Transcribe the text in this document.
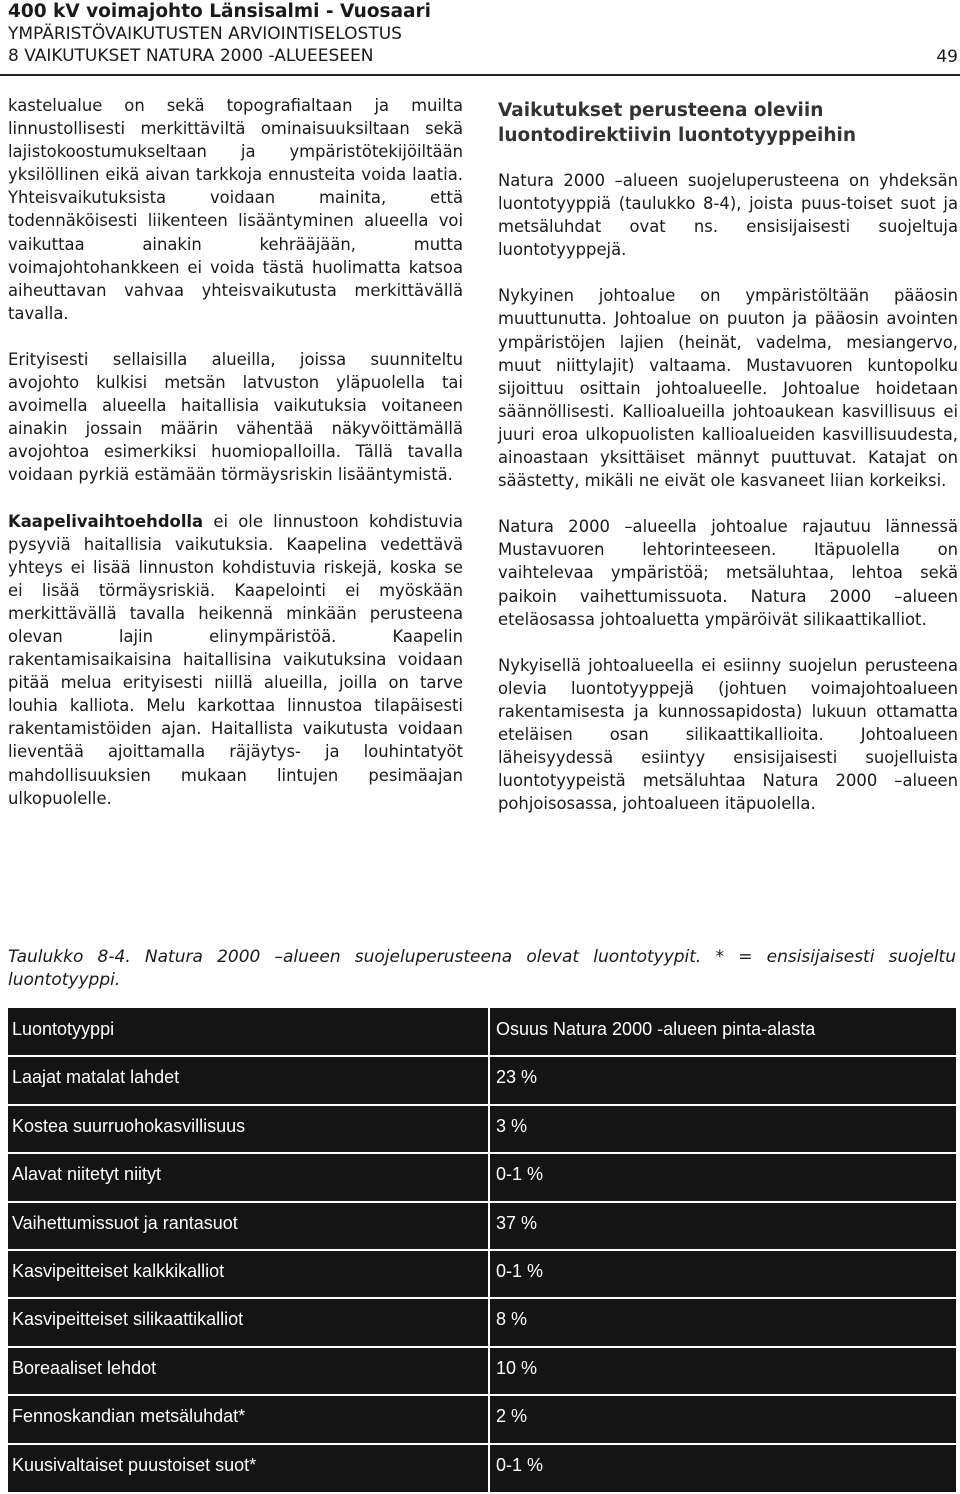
400 kV voimajohto Länsisalmi - Vuosaari
YMPÄRISTÖVAIKUTUSTEN ARVIOINTISELOSTUS
8 VAIKUTUKSET NATURA 2000 -ALUEESEEN	49

kastelualue on sekä topografialtaan ja muilta linnustollisesti merkittäviltä ominaisuuksiltaan sekä lajistokoostumukseltaan ja ympäristötekijöiltään yksilöllinen eikä aivan tarkkoja ennusteita voida laatia. Yhteisvaikutuksista voidaan mainita, että todennäköisesti liikenteen lisääntyminen alueella voi vaikuttaa ainakin kehrääjään, mutta voimajohtohankkeen ei voida tästä huolimatta katsoa aiheuttavan vahvaa yhteisvaikutusta merkittävällä tavalla.

Erityisesti sellaisilla alueilla, joissa suunniteltu avojohto kulkisi metsän latvuston yläpuolella tai avoimella alueella haitallisia vaikutuksia voitaneen ainakin jossain määrin vähentää näkyvöittämällä avojohtoa esimerkiksi huomiopalloilla. Tällä tavalla voidaan pyrkiä estämään törmäysriskin lisääntymistä.

Kaapelivaihtoehdolla ei ole linnustoon kohdistuvia pysyviä haitallisia vaikutuksia. Kaapelina vedettävä yhteys ei lisää linnuston kohdistuvia riskejä, koska se ei lisää törmäysriskiä. Kaapelointi ei myöskään merkittävällä tavalla heikennä minkään perusteena olevan lajin elinympäristöä. Kaapelin rakentamisaikaisina haitallisina vaikutuksina voidaan pitää melua erityisesti niillä alueilla, joilla on tarve louhia kalliota. Melu karkottaa linnustoa tilapäisesti rakentamistöiden ajan. Haitallista vaikutusta voidaan lieventää ajoittamalla räjäytys- ja louhintatyöt mahdollisuuksien mukaan lintujen pesimäajan ulkopuolelle.

Vaikutukset perusteena oleviin luontodirektiivin luontotyyppeihin

Natura 2000 –alueen suojeluperusteena on yhdeksän luontotyyppiä (taulukko 8-4), joista puus-toiset suot ja metsäluhdat ovat ns. ensisijaisesti suojeltuja luontotyyppejä.

Nykyinen johtoalue on ympäristöltään pääosin muuttunutta. Johtoalue on puuton ja pääosin avointen ympäristöjen lajien (heinät, vadelma, mesiangervo, muut niittylajit) valtaama. Mustavuoren kuntopolku sijoittuu osittain johtoalueelle. Johtoalue hoidetaan säännöllisesti. Kallioalueilla johtoaukean kasvillisuus ei juuri eroa ulkopuolisten kallioalueiden kasvillisuudesta, ainoastaan yksittäiset männyt puuttuvat. Katajat on säästetty, mikäli ne eivät ole kasvaneet liian korkeiksi.

Natura 2000 –alueella johtoalue rajautuu lännessä Mustavuoren lehtorinteeseen. Itäpuolella on vaihtelevaa ympäristöä; metsäluhtaa, lehtoa sekä paikoin vaihettumissuota. Natura 2000 –alueen eteläosassa johtoaluetta ympäröivät silikaattikalliot.

Nykyisellä johtoalueella ei esiinny suojelun perusteena olevia luontotyyppejä (johtuen voimajohtoalueen rakentamisesta ja kunnossapidosta) lukuun ottamatta eteläisen osan silikaattikallioita. Johtoalueen läheisyydessä esiintyy ensisijaisesti suojelluista luontotyypeistä metsäluhtaa Natura 2000 –alueen pohjoisosassa, johtoalueen itäpuolella.

Taulukko 8-4. Natura 2000 –alueen suojeluperusteena olevat luontotyypit. * = ensisijaisesti suojeltu luontotyyppi.
Luontotyyppi	Osuus Natura 2000 -alueen pinta-alasta
Laajat matalat lahdet	23 %
Kostea suurruohokasvillisuus	3 %
Alavat niitetyt niityt	0-1 %
Vaihettumissuot ja rantasuot	37 %
Kasvipeitteiset kalkkikalliot	0-1 %
Kasvipeitteiset silikaattikalliot	8 %
Boreaaliset lehdot	10 %
Fennoskandian metsäluhdat*	2 %
Kuusivaltaiset puustoiset suot*	0-1 %
